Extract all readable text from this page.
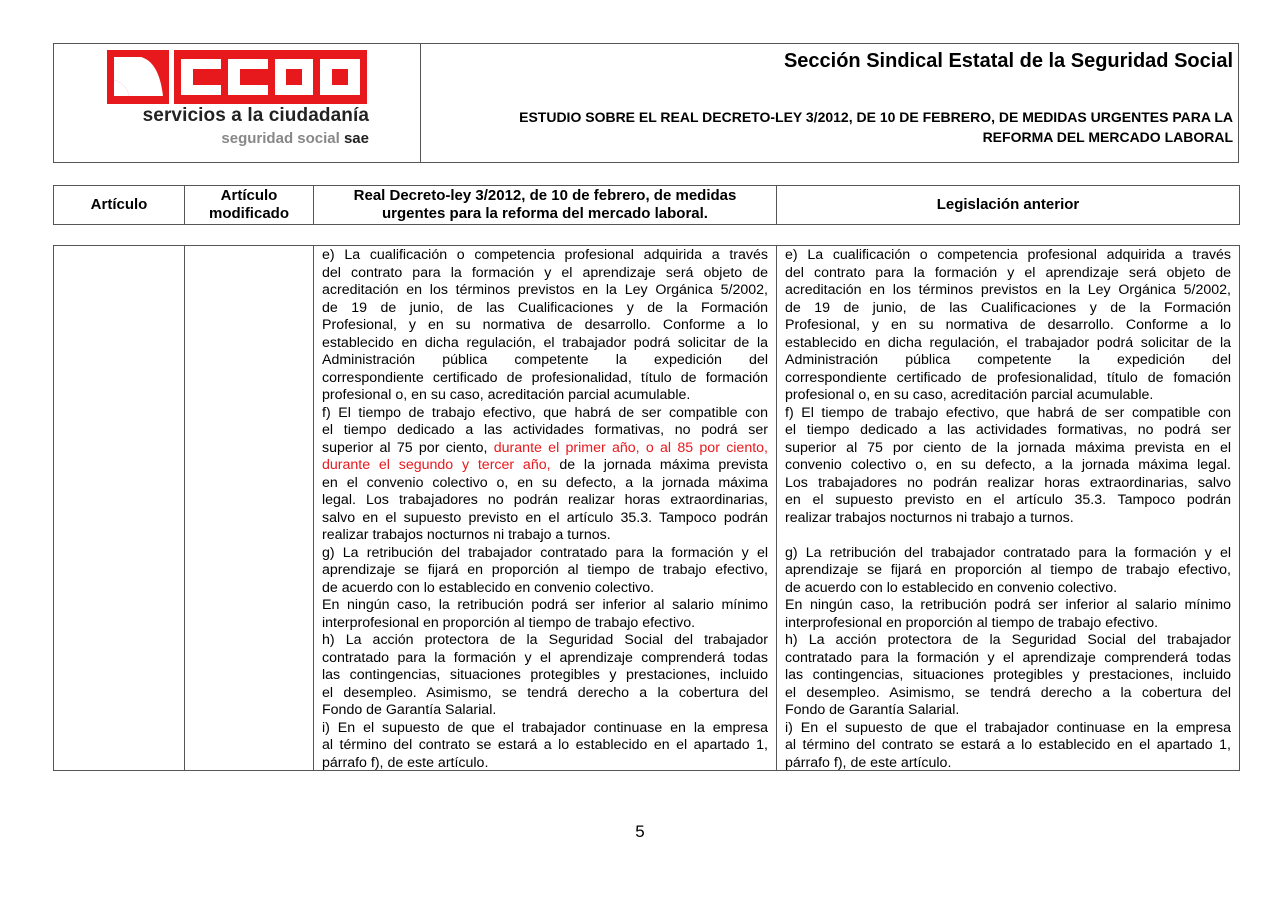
servicios a la ciudadanía
seguridad social sae
Sección Sindical Estatal de la Seguridad Social
ESTUDIO SOBRE EL REAL DECRETO-LEY 3/2012, DE 10 DE FEBRERO, DE MEDIDAS URGENTES PARA LA
REFORMA DEL MERCADO LABORAL
Artículo
Artículo
modificado
Real Decreto-ley 3/2012, de 10 de febrero, de medidas
urgentes para la reforma del mercado laboral.
Legislación anterior
e) La cualificación o competencia profesional adquirida a través
del contrato para la formación y el aprendizaje será objeto de
acreditación en los términos previstos en la Ley Orgánica 5/2002,
de 19 de junio, de las Cualificaciones y de la Formación
Profesional, y en su normativa de desarrollo. Conforme a lo
establecido en dicha regulación, el trabajador podrá solicitar de la
Administración pública competente la expedición del
correspondiente certificado de profesionalidad, título de formación
profesional o, en su caso, acreditación parcial acumulable.
f) El tiempo de trabajo efectivo, que habrá de ser compatible con
el tiempo dedicado a las actividades formativas, no podrá ser
superior al 75 por ciento, durante el primer año, o al 85 por ciento,
durante el segundo y tercer año, de la jornada máxima prevista
en el convenio colectivo o, en su defecto, a la jornada máxima
legal. Los trabajadores no podrán realizar horas extraordinarias,
salvo en el supuesto previsto en el artículo 35.3. Tampoco podrán
realizar trabajos nocturnos ni trabajo a turnos.
g) La retribución del trabajador contratado para la formación y el
aprendizaje se fijará en proporción al tiempo de trabajo efectivo,
de acuerdo con lo establecido en convenio colectivo.
En ningún caso, la retribución podrá ser inferior al salario mínimo
interprofesional en proporción al tiempo de trabajo efectivo.
h) La acción protectora de la Seguridad Social del trabajador
contratado para la formación y el aprendizaje comprenderá todas
las contingencias, situaciones protegibles y prestaciones, incluido
el desempleo. Asimismo, se tendrá derecho a la cobertura del
Fondo de Garantía Salarial.
i) En el supuesto de que el trabajador continuase en la empresa
al término del contrato se estará a lo establecido en el apartado 1,
párrafo f), de este artículo.
e) La cualificación o competencia profesional adquirida a través
del contrato para la formación y el aprendizaje será objeto de
acreditación en los términos previstos en la Ley Orgánica 5/2002,
de 19 de junio, de las Cualificaciones y de la Formación
Profesional, y en su normativa de desarrollo. Conforme a lo
establecido en dicha regulación, el trabajador podrá solicitar de la
Administración pública competente la expedición del
correspondiente certificado de profesionalidad, título de fomación
profesional o, en su caso, acreditación parcial acumulable.
f) El tiempo de trabajo efectivo, que habrá de ser compatible con
el tiempo dedicado a las actividades formativas, no podrá ser
superior al 75 por ciento de la jornada máxima prevista en el
convenio colectivo o, en su defecto, a la jornada máxima legal.
Los trabajadores no podrán realizar horas extraordinarias, salvo
en el supuesto previsto en el artículo 35.3. Tampoco podrán
realizar trabajos nocturnos ni trabajo a turnos.
g) La retribución del trabajador contratado para la formación y el
aprendizaje se fijará en proporción al tiempo de trabajo efectivo,
de acuerdo con lo establecido en convenio colectivo.
En ningún caso, la retribución podrá ser inferior al salario mínimo
interprofesional en proporción al tiempo de trabajo efectivo.
h) La acción protectora de la Seguridad Social del trabajador
contratado para la formación y el aprendizaje comprenderá todas
las contingencias, situaciones protegibles y prestaciones, incluido
el desempleo. Asimismo, se tendrá derecho a la cobertura del
Fondo de Garantía Salarial.
i) En el supuesto de que el trabajador continuase en la empresa
al término del contrato se estará a lo establecido en el apartado 1,
párrafo f), de este artículo.
5
